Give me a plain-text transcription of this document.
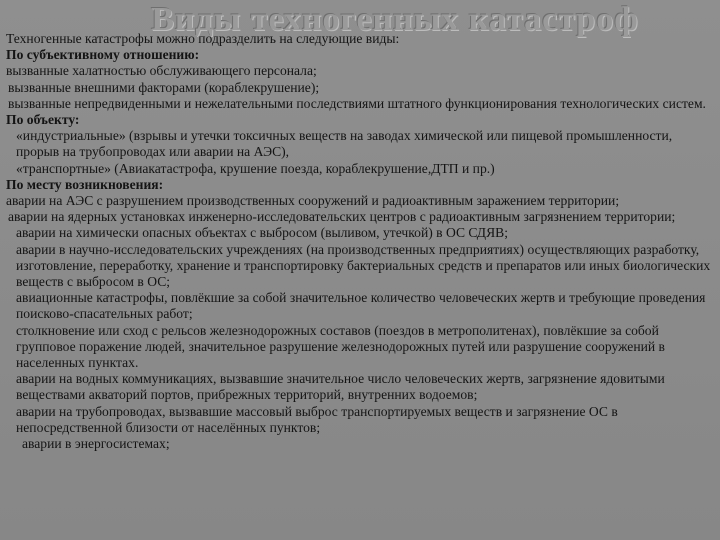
Виды техногенных катастроф

Техногенные катастрофы можно подразделить на следующие виды:

По субъективному отношению:

вызванные халатностью обслуживающего персонала;

вызванные внешними факторами (кораблекрушение);

вызванные непредвиденными и нежелательными последствиями штатного функционирования технологических систем.

По объекту:

«индустриальные» (взрывы и утечки токсичных веществ на заводах химической или пищевой промышленности, прорыв на трубопроводах или аварии на АЭС),

«транспортные» (Авиакатастрофа, крушение поезда, кораблекрушение,ДТП и пр.)

По месту возникновения:

аварии на АЭС с разрушением производственных сооружений и радиоактивным заражением территории;

аварии на ядерных установках инженерно-исследовательских центров с радиоактивным загрязнением территории;

аварии на химически опасных объектах с выбросом (выливом, утечкой) в ОС СДЯВ;

аварии в научно-исследовательских учреждениях (на производственных предприятиях) осуществляющих разработку, изготовление, переработку, хранение и транспортировку бактериальных средств и препаратов или иных биологических веществ с выбросом в ОС;

авиационные катастрофы, повлёкшие за собой значительное количество человеческих жертв и требующие проведения поисково-спасательных работ;

столкновение или сход с рельсов железнодорожных составов (поездов в метрополитенах), повлёкшие за собой групповое поражение людей, значительное разрушение железнодорожных путей или разрушение сооружений в населенных пунктах.

аварии на водных коммуникациях, вызвавшие значительное число человеческих жертв, загрязнение ядовитыми веществами акваторий портов, прибрежных территорий, внутренних водоемов;

аварии на трубопроводах, вызвавшие массовый выброс транспортируемых веществ и загрязнение ОС в непосредственной близости от населённых пунктов;

аварии в энергосистемах;
